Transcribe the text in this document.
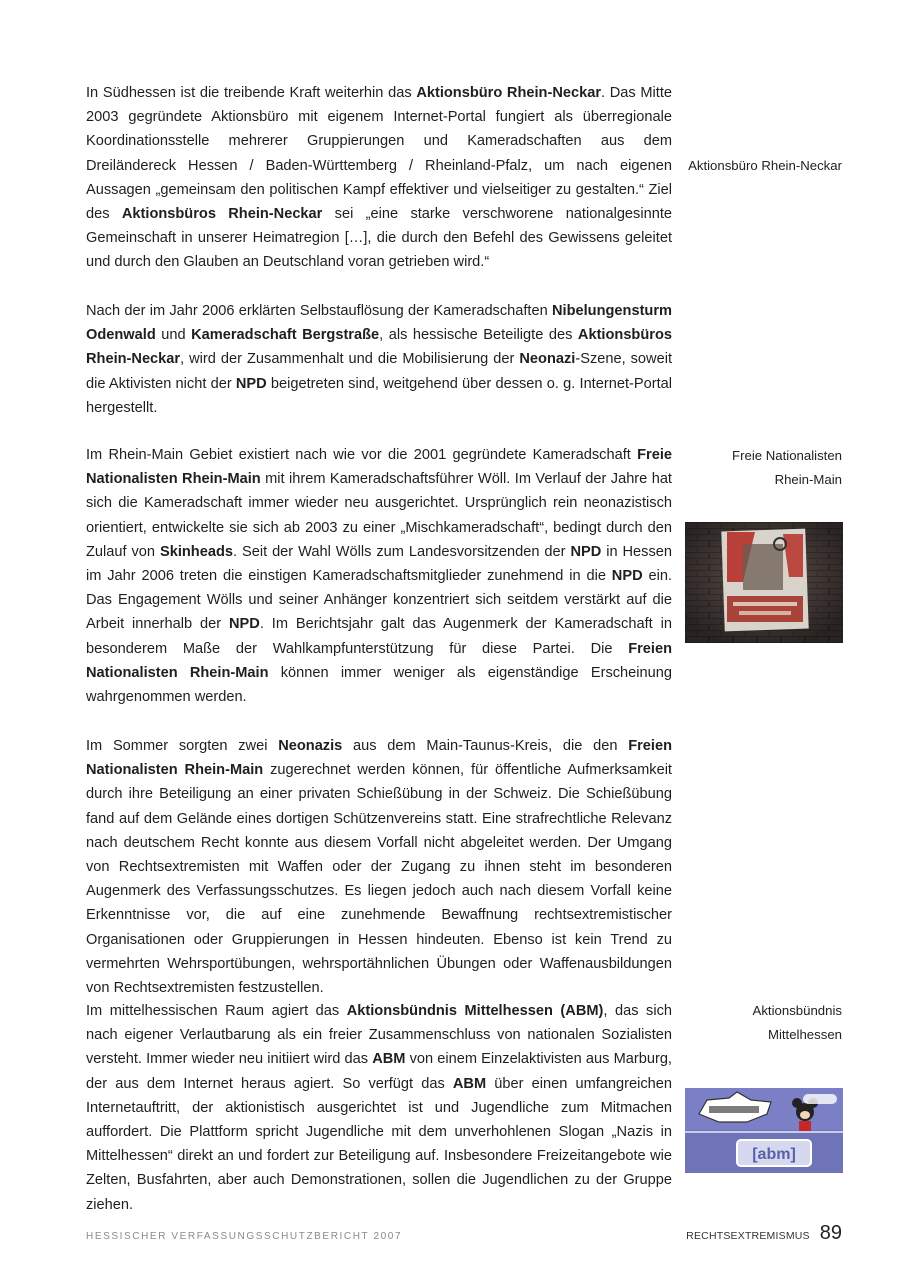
In Südhessen ist die treibende Kraft weiterhin das Aktionsbüro Rhein-Neckar. Das Mitte 2003 gegründete Aktionsbüro mit eigenem Internet-Portal fungiert als überregionale Koordinationsstelle mehrerer Gruppierungen und Kameradschaften aus dem Dreiländereck Hessen / Baden-Württemberg / Rheinland-Pfalz, um nach eigenen Aussagen „gemeinsam den politischen Kampf effektiver und vielseitiger zu gestalten.“ Ziel des Aktionsbüros Rhein-Neckar sei „eine starke verschworene nationalgesinnte Gemeinschaft in unserer Heimatregion […], die durch den Befehl des Gewissens geleitet und durch den Glauben an Deutschland voran getrieben wird.“

Nach der im Jahr 2006 erklärten Selbstauflösung der Kameradschaften Nibelungensturm Odenwald und Kameradschaft Bergstraße, als hessische Beteiligte des Aktionsbüros Rhein-Neckar, wird der Zusammenhalt und die Mobilisierung der Neonazi-Szene, soweit die Aktivisten nicht der NPD beigetreten sind, weitgehend über dessen o. g. Internet-Portal hergestellt.

Im Rhein-Main Gebiet existiert nach wie vor die 2001 gegründete Kameradschaft Freie Nationalisten Rhein-Main mit ihrem Kameradschaftsführer Wöll. Im Verlauf der Jahre hat sich die Kameradschaft immer wieder neu ausgerichtet. Ursprünglich rein neonazistisch orientiert, entwickelte sie sich ab 2003 zu einer „Mischkameradschaft“, bedingt durch den Zulauf von Skinheads. Seit der Wahl Wölls zum Landesvorsitzenden der NPD in Hessen im Jahr 2006 treten die einstigen Kameradschaftsmitglieder zunehmend in die NPD ein. Das Engagement Wölls und seiner Anhänger konzentriert sich seitdem verstärkt auf die Arbeit innerhalb der NPD. Im Berichtsjahr galt das Augenmerk der Kameradschaft in besonderem Maße der Wahlkampfunterstützung für diese Partei. Die Freien Nationalisten Rhein-Main können immer weniger als eigenständige Erscheinung wahrgenommen werden.

Im Sommer sorgten zwei Neonazis aus dem Main-Taunus-Kreis, die den Freien Nationalisten Rhein-Main zugerechnet werden können, für öffentliche Aufmerksamkeit durch ihre Beteiligung an einer privaten Schießübung in der Schweiz. Die Schießübung fand auf dem Gelände eines dortigen Schützenvereins statt. Eine strafrechtliche Relevanz nach deutschem Recht konnte aus diesem Vorfall nicht abgeleitet werden. Der Umgang von Rechtsextremisten mit Waffen oder der Zugang zu ihnen steht im besonderen Augenmerk des Verfassungsschutzes. Es liegen jedoch auch nach diesem Vorfall keine Erkenntnisse vor, die auf eine zunehmende Bewaffnung rechtsextremistischer Organisationen oder Gruppierungen in Hessen hindeuten. Ebenso ist kein Trend zu vermehrten Wehrsportübungen, wehrsportähnlichen Übungen oder Waffenausbildungen von Rechtsextremisten festzustellen.

Im mittelhessischen Raum agiert das Aktionsbündnis Mittelhessen (ABM), das sich nach eigener Verlautbarung als ein freier Zusammenschluss von nationalen Sozialisten versteht. Immer wieder neu initiiert wird das ABM von einem Einzelaktivisten aus Marburg, der aus dem Internet heraus agiert. So verfügt das ABM über einen umfangreichen Internetauftritt, der aktionistisch ausgerichtet ist und Jugendliche zum Mitmachen auffordert. Die Plattform spricht Jugendliche mit dem unverhohlenen Slogan „Nazis in Mittelhessen“ direkt an und fordert zur Beteiligung auf. Insbesondere Freizeitangebote wie Zelten, Busfahrten, aber auch Demonstrationen, sollen die Jugendlichen zu der Gruppe ziehen.

Aktionsbüro Rhein-Neckar
Freie Nationalisten
Rhein-Main
Aktionsbündnis
Mittelhessen
[abm]
HESSISCHER VERFASSUNGSSCHUTZBERICHT 2007	RECHTSEXTREMISMUS 89
